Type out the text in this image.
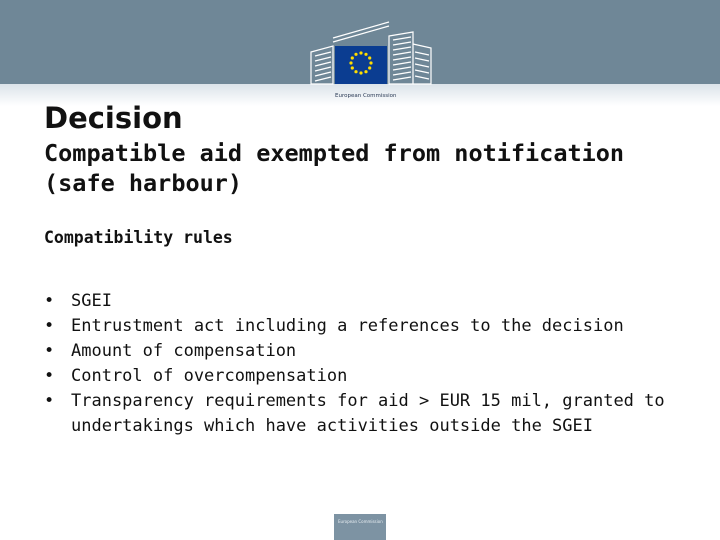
European Commission
Decision
Compatible aid exempted from notification (safe harbour)
Compatibility rules
• SGEI
• Entrustment act including a references to the decision
• Amount of compensation
• Control of overcompensation
• Transparency requirements for aid > EUR 15 mil, granted to undertakings which have activities outside the SGEI
European Commission
